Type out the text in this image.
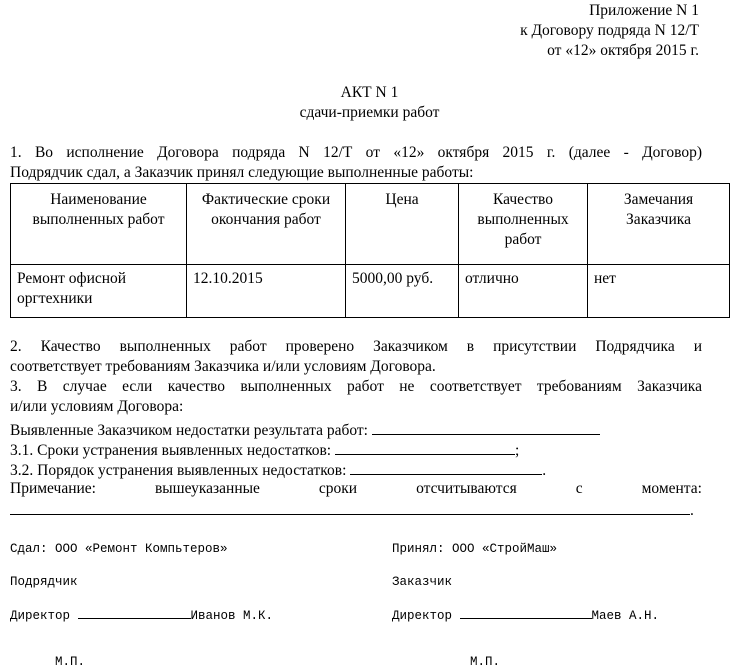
Приложение N 1
к Договору подряда N 12/Т
от «12» октября 2015 г.
АКТ N 1
сдачи-приемки работ
1. Во исполнение Договора подряда N 12/Т от «12» октября 2015 г. (далее - Договор)
Подрядчик сдал, а Заказчик принял следующие выполненные работы:
Наименование выполненных работ	Фактические сроки окончания работ	Цена	Качество выполненных работ	Замечания Заказчика
Ремонт офисной оргтехники	12.10.2015	5000,00 руб.	отлично	нет
2. Качество выполненных работ проверено Заказчиком в присутствии Подрядчика и
соответствует требованиям Заказчика и/или условиям Договора.
3. В случае если качество выполненных работ не соответствует требованиям Заказчика
и/или условиям Договора:
Выявленные Заказчиком недостатки результата работ:
3.1. Сроки устранения выявленных недостатков:	;
3.2. Порядок устранения выявленных недостатков:	.
Примечание:	вышеуказанные	сроки	отсчитываются	с	момента:
.
Сдал: ООО «Ремонт Компьтеров»
Подрядчик
Директор	Иванов М.К.
М.П.
Принял: ООО «СтройМаш»
Заказчик
Директор	Маев А.Н.
М.П.
